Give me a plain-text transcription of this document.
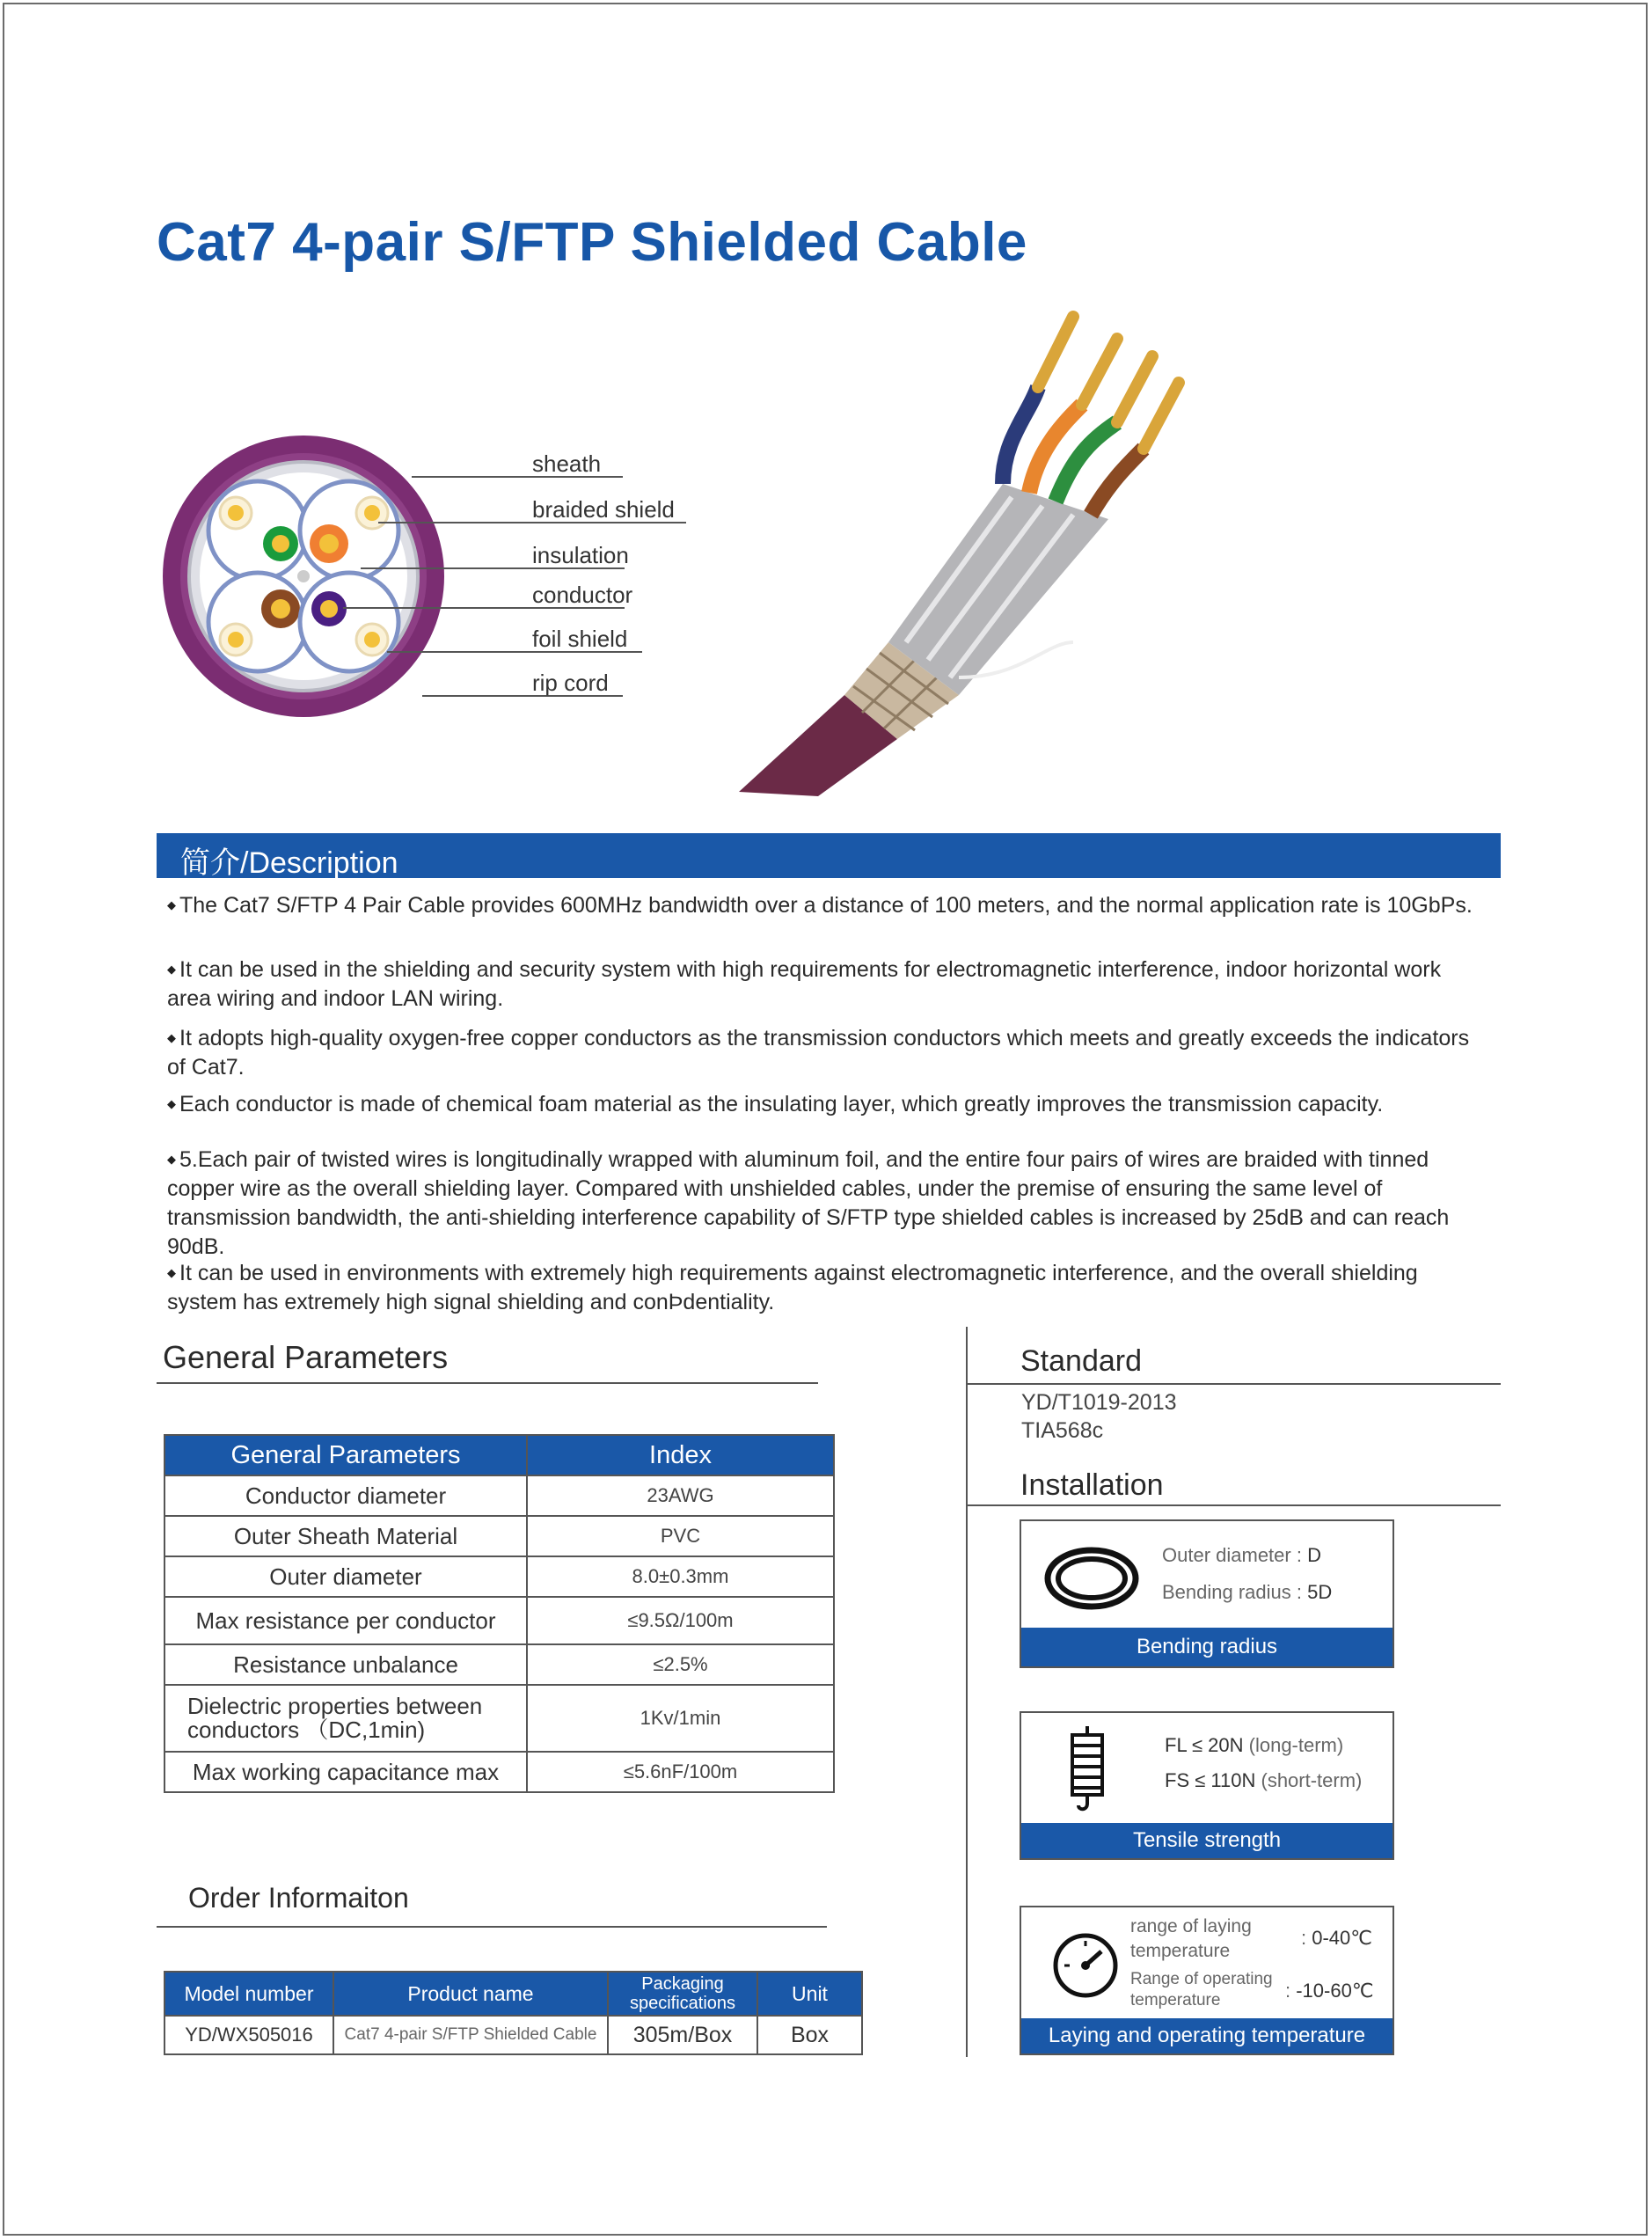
Cat7 4-pair S/FTP Shielded Cable
sheath
braided shield
insulation
conductor
foil shield
rip cord
简介/Description
◆ The Cat7 S/FTP 4 Pair Cable provides 600MHz bandwidth over a distance of 100 meters, and the normal application rate is 10GbPs.
◆ It can be used in the shielding and security system with high requirements for electromagnetic interference, indoor horizontal work area wiring and indoor LAN wiring.
◆ It adopts high-quality oxygen-free copper conductors as the transmission conductors which meets and greatly exceeds the indicators of Cat7.
◆ Each conductor is made of chemical foam material as the insulating layer, which greatly improves the transmission capacity.
◆ 5.Each pair of twisted wires is longitudinally wrapped with aluminum foil, and the entire four pairs of wires are braided with tinned copper wire as the overall shielding layer. Compared with unshielded cables, under the premise of ensuring the same level of transmission bandwidth, the anti-shielding interference capability of S/FTP type shielded cables is increased by 25dB and can reach 90dB.
◆ It can be used in environments with extremely high requirements against electromagnetic interference, and the overall shielding system has extremely high signal shielding and conÞdentiality.
General Parameters
General Parameters	Index
Conductor diameter	23AWG
Outer Sheath Material	PVC
Outer diameter	8.0±0.3mm
Max resistance per conductor	≤9.5Ω/100m
Resistance unbalance	≤2.5%
Dielectric properties between conductors （DC,1min)	1Kv/1min
Max working capacitance max	≤5.6nF/100m
Order Informaiton
Model number	Product name	Packaging specifications	Unit
YD/WX505016	Cat7 4-pair S/FTP Shielded Cable	305m/Box	Box
Standard
YD/T1019-2013
TIA568c
Installation
Outer diameter : D
Bending radius : 5D
Bending radius
FL ≤ 20N (long-term)
FS ≤ 110N (short-term)
Tensile strength
range of laying temperature
: 0-40℃
Range of operating temperature	: -10-60℃
Laying and operating temperature
